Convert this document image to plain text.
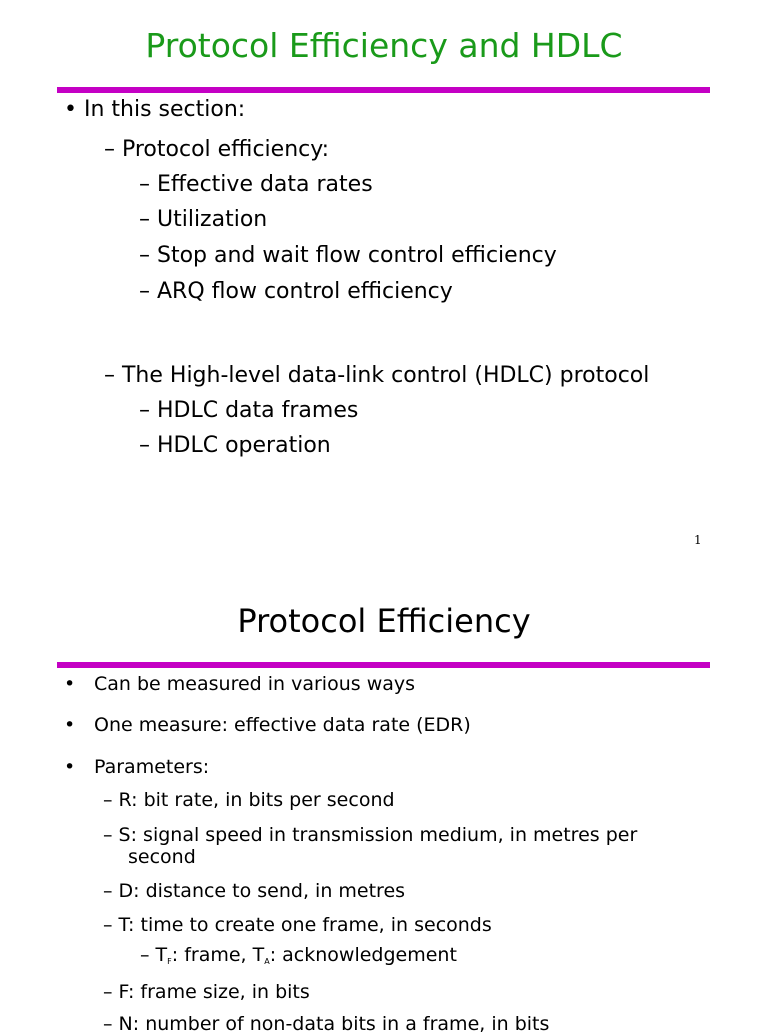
Protocol Efficiency and HDLC
• In this section:
– Protocol efficiency:
– Effective data rates
– Utilization
– Stop and wait flow control efficiency
– ARQ flow control efficiency
– The High-level data-link control (HDLC) protocol
– HDLC data frames
– HDLC operation
1
Protocol Efficiency
• Can be measured in various ways
• One measure: effective data rate (EDR)
• Parameters:
– R: bit rate, in bits per second
– S: signal speed in transmission medium, in metres per
second
– D: distance to send, in metres
– T: time to create one frame, in seconds
– $T_F$: frame, $T_A$: acknowledgement
– F: frame size, in bits
– N: number of non-data bits in a frame, in bits
